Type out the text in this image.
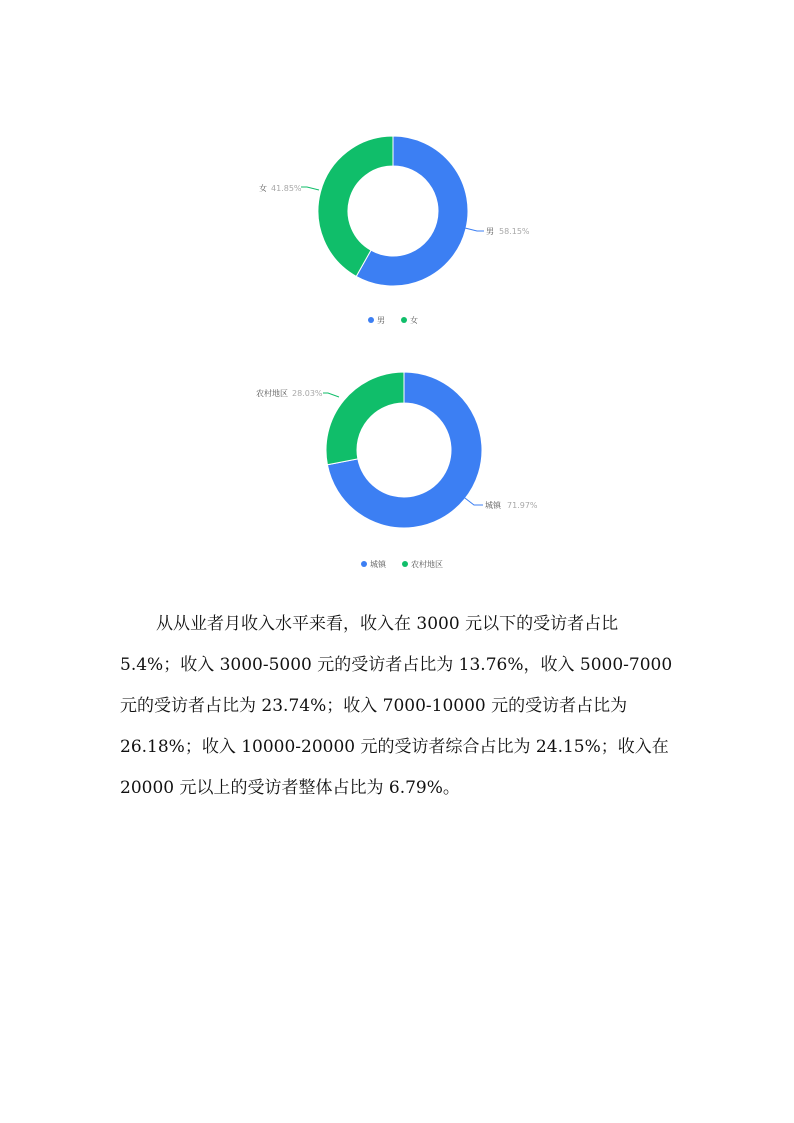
女 41.85%
男 58.15%
男	女
农村地区 28.03%
城镇 71.97%
城镇	农村地区
从从业者月收入水平来看，收入在 3000 元以下的受访者占比
5.4%；收入 3000-5000 元的受访者占比为 13.76%，收入 5000-7000
元的受访者占比为 23.74%；收入 7000-10000 元的受访者占比为
26.18%；收入 10000-20000 元的受访者综合占比为 24.15%；收入在
20000 元以上的受访者整体占比为 6.79%。
